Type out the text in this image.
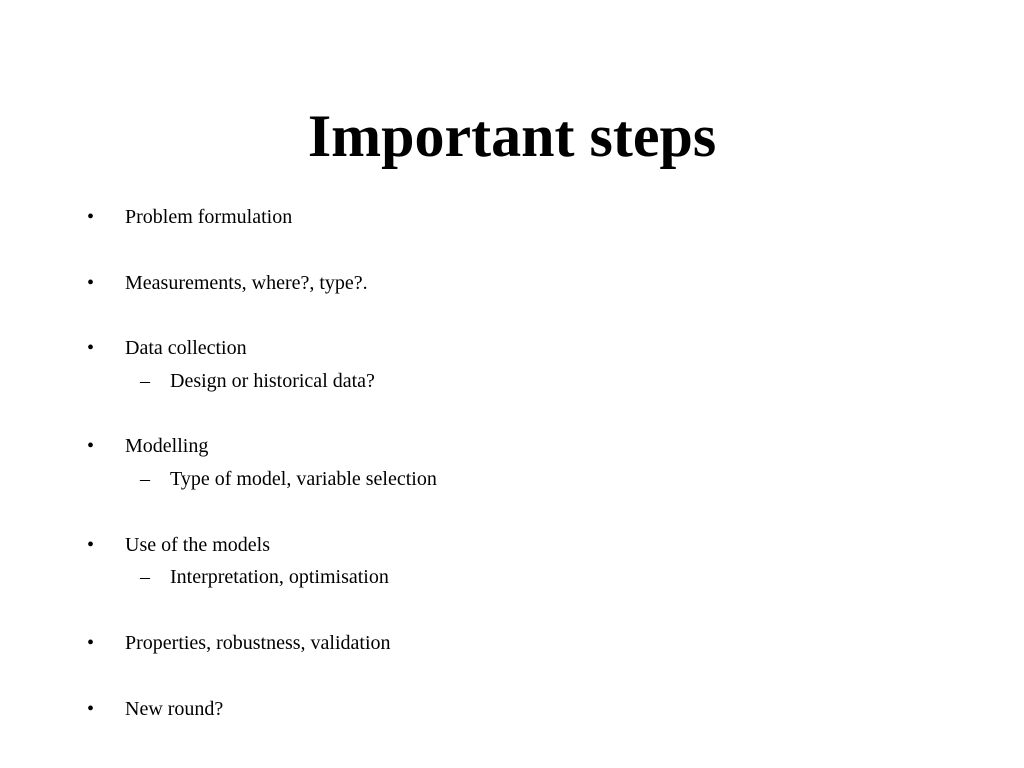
Important steps
• Problem formulation
• Measurements, where?, type?.
• Data collection
– Design or historical data?
• Modelling
– Type of model, variable selection
• Use of the models
– Interpretation, optimisation
• Properties, robustness, validation
• New round?
